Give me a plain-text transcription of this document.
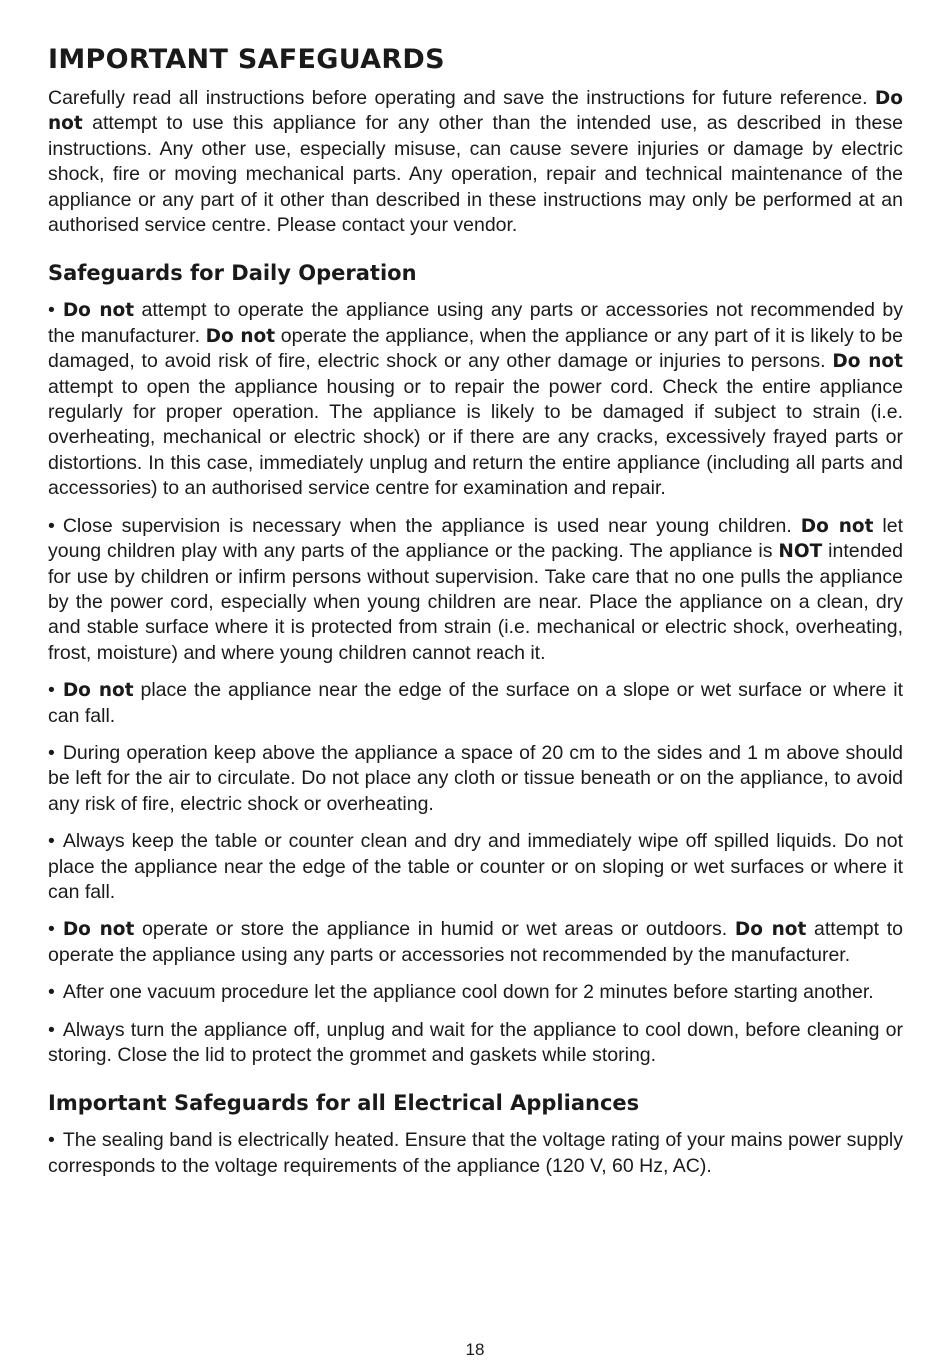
IMPORTANT SAFEGUARDS

Carefully read all instructions before operating and save the instructions for future reference. Do not attempt to use this appliance for any other than the intended use, as described in these instructions. Any other use, especially misuse, can cause severe injuries or damage by electric shock, fire or moving mechanical parts. Any operation, repair and technical maintenance of the appliance or any part of it other than described in these instructions may only be performed at an authorised service centre. Please contact your vendor.

Safeguards for Daily Operation

• Do not attempt to operate the appliance using any parts or accessories not recommended by the manufacturer. Do not operate the appliance, when the appliance or any part of it is likely to be damaged, to avoid risk of fire, electric shock or any other damage or injuries to persons. Do not attempt to open the appliance housing or to repair the power cord. Check the entire appliance regularly for proper operation. The appliance is likely to be damaged if subject to strain (i.e. overheating, mechanical or electric shock) or if there are any cracks, excessively frayed parts or distortions. In this case, immediately unplug and return the entire appliance (including all parts and accessories) to an authorised service centre for examination and repair.

• Close supervision is necessary when the appliance is used near young children. Do not let young children play with any parts of the appliance or the packing. The appliance is NOT intended for use by children or infirm persons without supervision. Take care that no one pulls the appliance by the power cord, especially when young children are near. Place the appliance on a clean, dry and stable surface where it is protected from strain (i.e. mechanical or electric shock, overheating, frost, moisture) and where young children cannot reach it.

• Do not place the appliance near the edge of the surface on a slope or wet surface or where it can fall.

• During operation keep above the appliance a space of 20 cm to the sides and 1 m above should be left for the air to circulate. Do not place any cloth or tissue beneath or on the appliance, to avoid any risk of fire, electric shock or overheating.

• Always keep the table or counter clean and dry and immediately wipe off spilled liquids. Do not place the appliance near the edge of the table or counter or on sloping or wet surfaces or where it can fall.

• Do not operate or store the appliance in humid or wet areas or outdoors. Do not attempt to operate the appliance using any parts or accessories not recommended by the manufacturer.

• After one vacuum procedure let the appliance cool down for 2 minutes before starting another.

• Always turn the appliance off, unplug and wait for the appliance to cool down, before cleaning or storing. Close the lid to protect the grommet and gaskets while storing.

Important Safeguards for all Electrical Appliances

• The sealing band is electrically heated. Ensure that the voltage rating of your mains power supply corresponds to the voltage requirements of the appliance (120 V, 60 Hz, AC).

18
